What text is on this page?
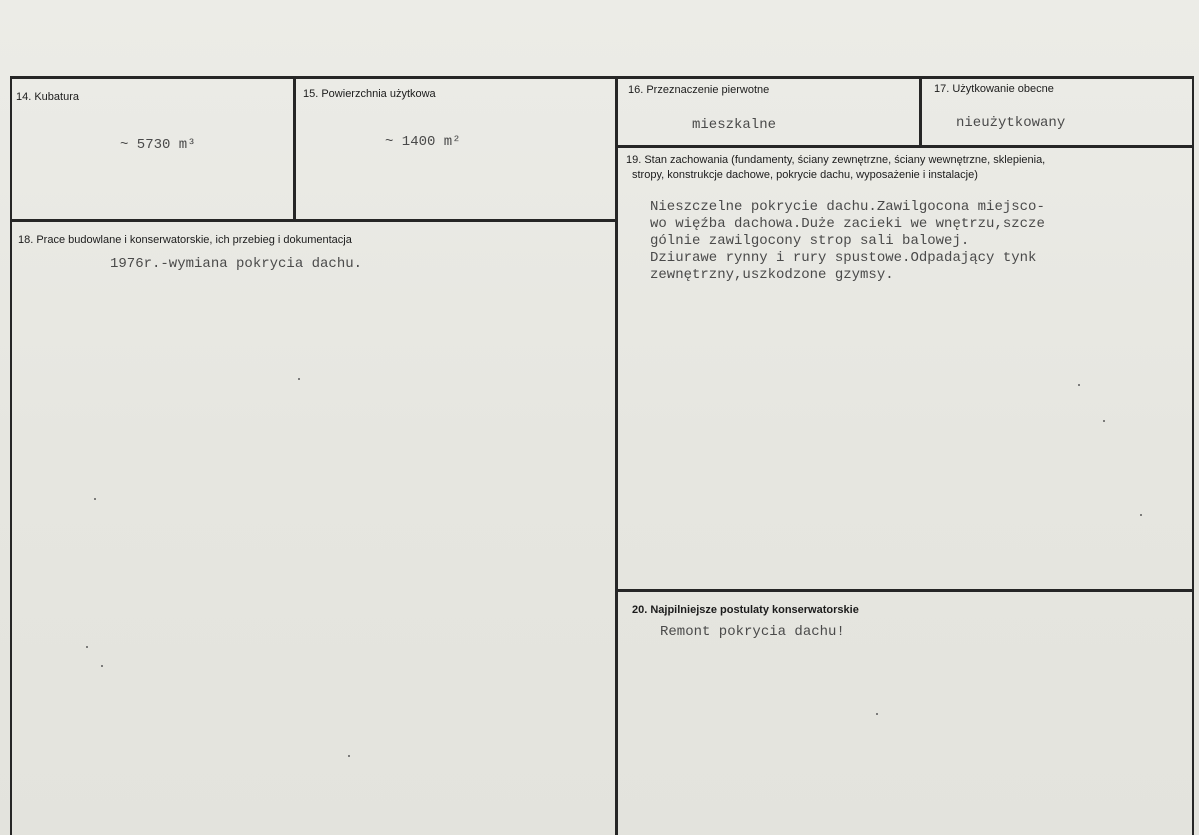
14. Kubatura
~ 5730 m³
15. Powierzchnia użytkowa
~ 1400 m²
16. Przeznaczenie pierwotne
mieszkalne
17. Użytkowanie obecne
nieużytkowany
18. Prace budowlane i konserwatorskie, ich przebieg i dokumentacja
1976r.-wymiana pokrycia dachu.
19. Stan zachowania (fundamenty, ściany zewnętrzne, ściany wewnętrzne, sklepienia,
stropy, konstrukcje dachowe, pokrycie dachu, wyposażenie i instalacje)
Nieszczelne pokrycie dachu.Zawilgocona miejsco-
wo więźba dachowa.Duże zacieki we wnętrzu,szcze
gólnie zawilgocony strop sali balowej.
Dziurawe rynny i rury spustowe.Odpadający tynk
zewnętrzny,uszkodzone gzymsy.
20. Najpilniejsze postulaty konserwatorskie
Remont pokrycia dachu!
